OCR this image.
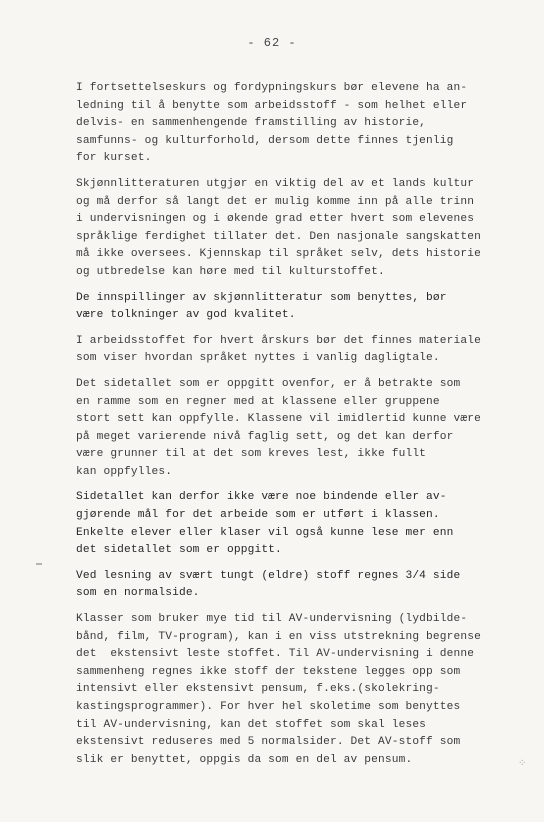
- 62 -
⁘

I fortsettelseskurs og fordypningskurs bør elevene ha an-
ledning til å benytte som arbeidsstoff - som helhet eller
delvis- en sammenhengende framstilling av historie,
samfunns- og kulturforhold, dersom dette finnes tjenlig
for kurset.

Skjønnlitteraturen utgjør en viktig del av et lands kultur
og må derfor så langt det er mulig komme inn på alle trinn
i undervisningen og i økende grad etter hvert som elevenes
språklige ferdighet tillater det. Den nasjonale sangskatten
må ikke oversees. Kjennskap til språket selv, dets historie
og utbredelse kan høre med til kulturstoffet.

De innspillinger av skjønnlitteratur som benyttes, bør
være tolkninger av god kvalitet.

I arbeidsstoffet for hvert årskurs bør det finnes materiale
som viser hvordan språket nyttes i vanlig dagligtale.

Det sidetallet som er oppgitt ovenfor, er å betrakte som
en ramme som en regner med at klassene eller gruppene
stort sett kan oppfylle. Klassene vil imidlertid kunne være
på meget varierende nivå faglig sett, og det kan derfor
være grunner til at det som kreves lest, ikke fullt
kan oppfylles.

Sidetallet kan derfor ikke være noe bindende eller av-
gjørende mål for det arbeide som er utført i klassen.
Enkelte elever eller klaser vil også kunne lese mer enn
det sidetallet som er oppgitt.

Ved lesning av svært tungt (eldre) stoff regnes 3/4 side
som en normalside.

Klasser som bruker mye tid til AV-undervisning (lydbilde-
bånd, film, TV-program), kan i en viss utstrekning begrense
det  ekstensivt leste stoffet. Til AV-undervisning i denne
sammenheng regnes ikke stoff der tekstene legges opp som
intensivt eller ekstensivt pensum, f.eks.(skolekring-
kastingsprogrammer). For hver hel skoletime som benyttes
til AV-undervisning, kan det stoffet som skal leses
ekstensivt reduseres med 5 normalsider. Det AV-stoff som
slik er benyttet, oppgis da som en del av pensum.
